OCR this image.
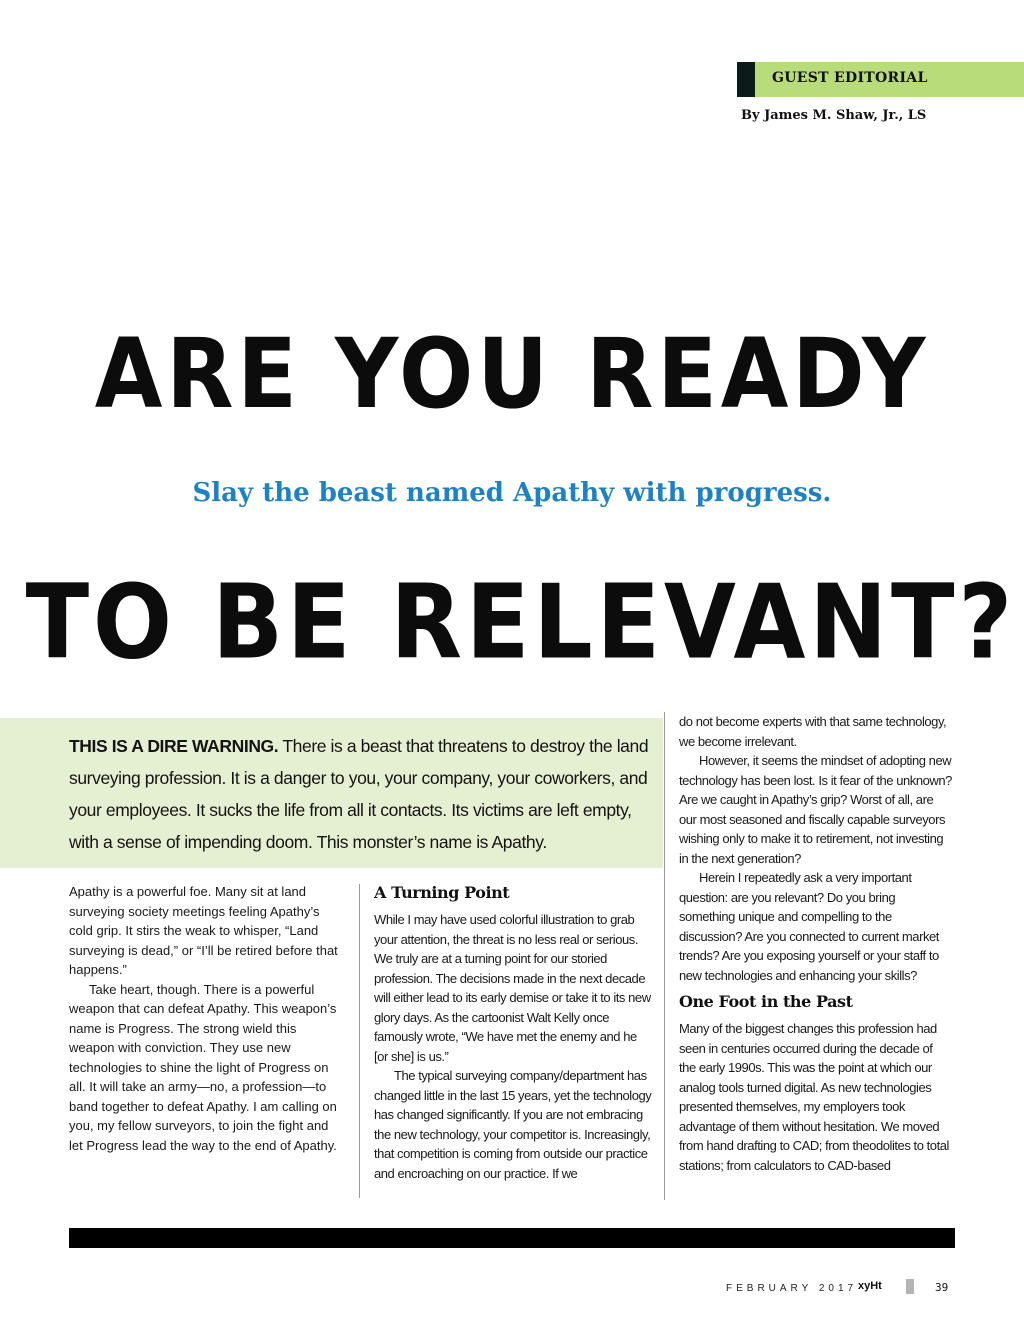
GUEST EDITORIAL
By James M. Shaw, Jr., LS
ARE YOU READY
Slay the beast named Apathy with progress.
TO BE RELEVANT?
THIS IS A DIRE WARNING. There is a beast that threatens to destroy the land surveying profession. It is a danger to you, your company, your coworkers, and your employees. It sucks the life from all it contacts. Its victims are left empty, with a sense of impending doom. This monster’s name is Apathy.

Apathy is a powerful foe. Many sit at land surveying society meetings feeling Apathy’s cold grip. It stirs the weak to whisper, “Land surveying is dead,” or “I’ll be retired before that happens.”

Take heart, though. There is a powerful weapon that can defeat Apathy. This weapon’s name is Progress. The strong wield this weapon with conviction. They use new technologies to shine the light of Progress on all. It will take an army—no, a profession—to band together to defeat Apathy. I am calling on you, my fellow surveyors, to join the fight and let Progress lead the way to the end of Apathy.

A Turning Point

While I may have used colorful illustration to grab your attention, the threat is no less real or serious. We truly are at a turning point for our storied profession. The decisions made in the next decade will either lead to its early demise or take it to its new glory days. As the cartoonist Walt Kelly once famously wrote, “We have met the enemy and he [or she] is us.”

The typical surveying company/department has changed little in the last 15 years, yet the technology has changed significantly. If you are not embracing the new technology, your competitor is. Increasingly, that competition is coming from outside our practice and encroaching on our practice. If we

do not become experts with that same technology, we become irrelevant.

However, it seems the mindset of adopting new technology has been lost. Is it fear of the unknown? Are we caught in Apathy’s grip? Worst of all, are our most seasoned and fiscally capable surveyors wishing only to make it to retirement, not investing in the next generation?

Herein I repeatedly ask a very important question: are you relevant? Do you bring something unique and compelling to the discussion? Are you connected to current market trends? Are you exposing yourself or your staff to new technologies and enhancing your skills?

One Foot in the Past

Many of the biggest changes this profession had seen in centuries occurred during the decade of the early 1990s. This was the point at which our analog tools turned digital. As new technologies presented themselves, my employers took advantage of them without hesitation. We moved from hand drafting to CAD; from theodolites to total stations; from calculators to CAD-based

FEBRUARY 2017 xyHt	39
